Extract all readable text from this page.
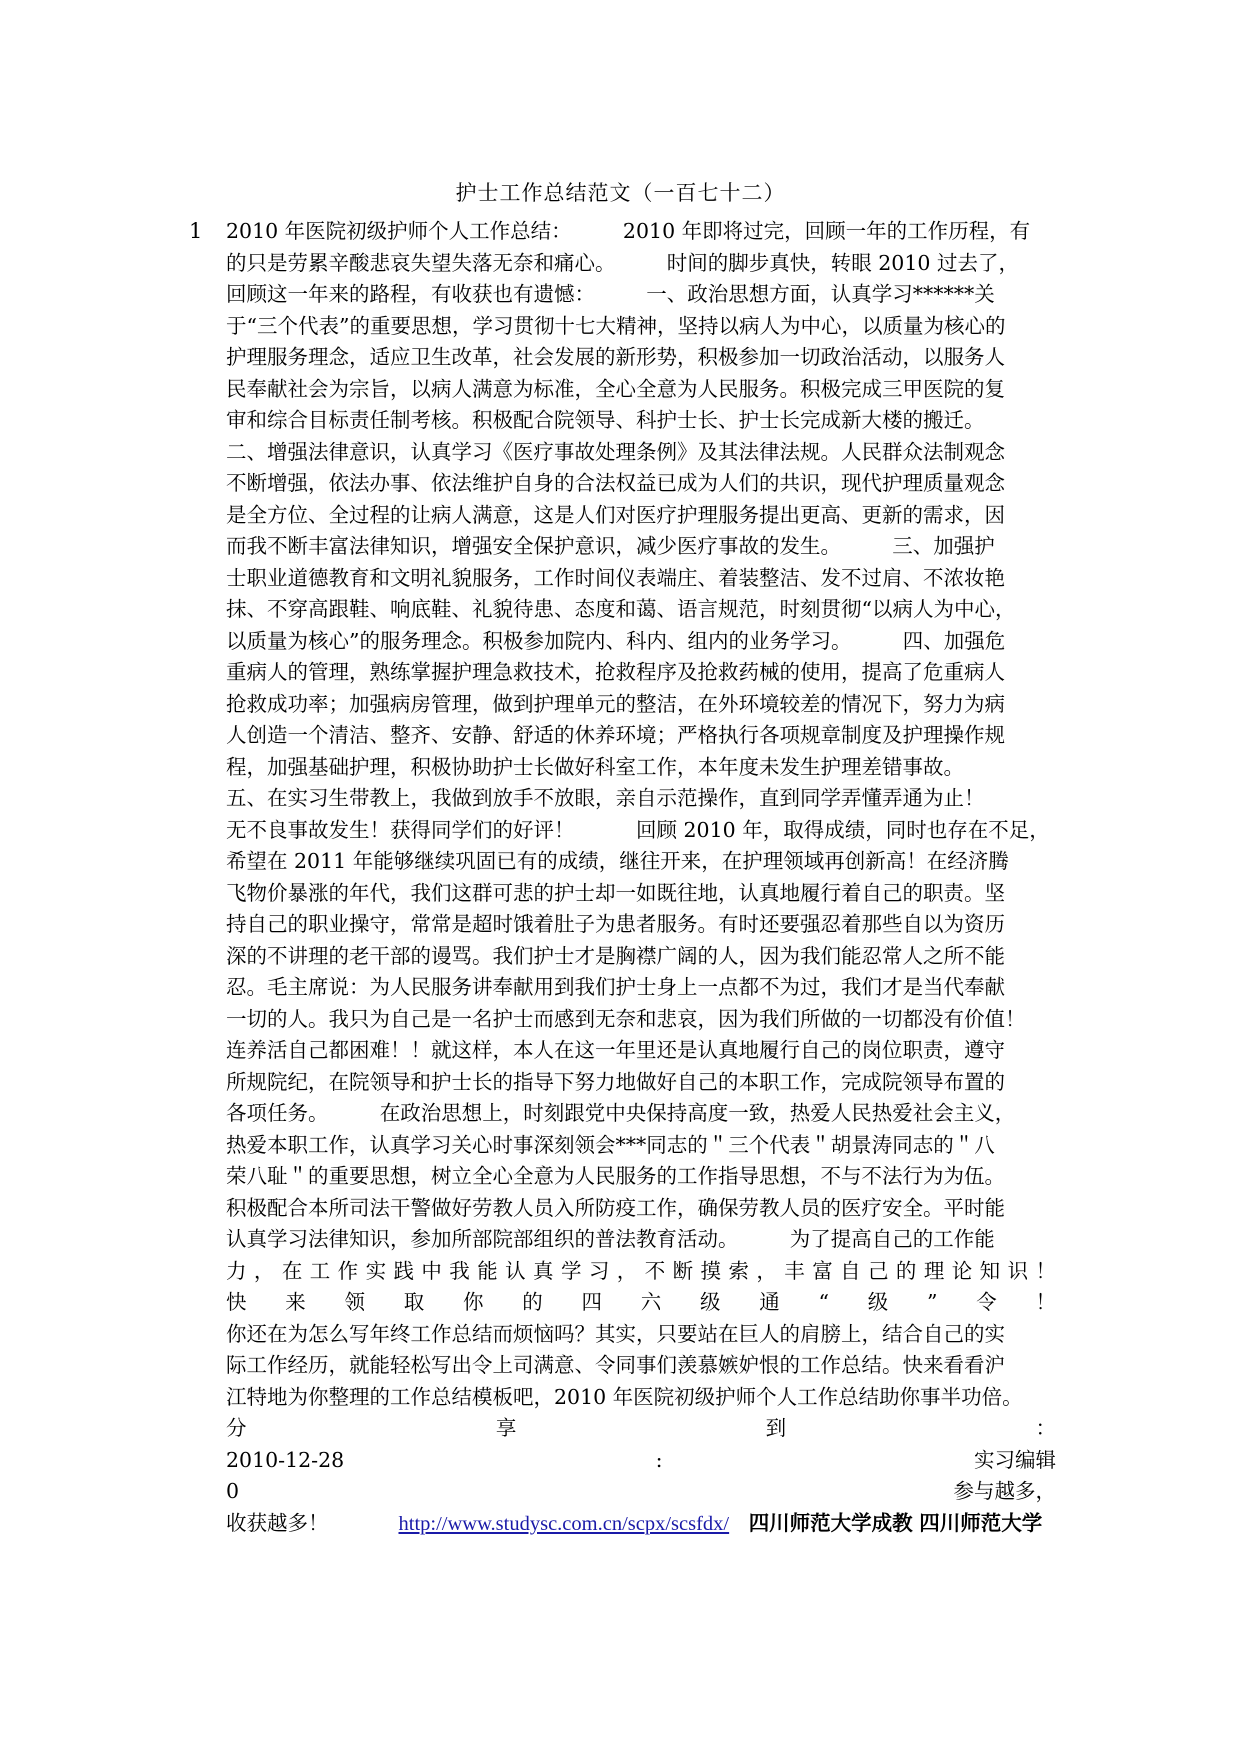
护士工作总结范文（一百七十二）
1 2010 年医院初级护师个人工作总结：　　　2010 年即将过完，回顾一年的工作历程，有
的只是劳累辛酸悲哀失望失落无奈和痛心。　　　时间的脚步真快，转眼 2010 过去了，
回顾这一年来的路程，有收获也有遗憾：　　　一、政治思想方面，认真学习******关
于“三个代表”的重要思想，学习贯彻十七大精神，坚持以病人为中心，以质量为核心的
护理服务理念，适应卫生改革，社会发展的新形势，积极参加一切政治活动，以服务人
民奉献社会为宗旨，以病人满意为标准，全心全意为人民服务。积极完成三甲医院的复
审和综合目标责任制考核。积极配合院领导、科护士长、护士长完成新大楼的搬迁。
二、增强法律意识，认真学习《医疗事故处理条例》及其法律法规。人民群众法制观念
不断增强，依法办事、依法维护自身的合法权益已成为人们的共识，现代护理质量观念
是全方位、全过程的让病人满意，这是人们对医疗护理服务提出更高、更新的需求，因
而我不断丰富法律知识，增强安全保护意识，减少医疗事故的发生。　　　三、加强护
士职业道德教育和文明礼貌服务，工作时间仪表端庄、着装整洁、发不过肩、不浓妆艳
抹、不穿高跟鞋、响底鞋、礼貌待患、态度和蔼、语言规范，时刻贯彻“以病人为中心，
以质量为核心”的服务理念。积极参加院内、科内、组内的业务学习。　　　四、加强危
重病人的管理，熟练掌握护理急救技术，抢救程序及抢救药械的使用，提高了危重病人
抢救成功率；加强病房管理，做到护理单元的整洁，在外环境较差的情况下，努力为病
人创造一个清洁、整齐、安静、舒适的休养环境；严格执行各项规章制度及护理操作规
程，加强基础护理，积极协助护士长做好科室工作，本年度未发生护理差错事故。
五、在实习生带教上，我做到放手不放眼，亲自示范操作，直到同学弄懂弄通为止！
无不良事故发生！获得同学们的好评！　　　回顾 2010 年，取得成绩，同时也存在不足，
希望在 2011 年能够继续巩固已有的成绩，继往开来，在护理领域再创新高！在经济腾
飞物价暴涨的年代，我们这群可悲的护士却一如既往地，认真地履行着自己的职责。坚
持自己的职业操守，常常是超时饿着肚子为患者服务。有时还要强忍着那些自以为资历
深的不讲理的老干部的谩骂。我们护士才是胸襟广阔的人，因为我们能忍常人之所不能
忍。毛主席说：为人民服务讲奉献用到我们护士身上一点都不为过，我们才是当代奉献
一切的人。我只为自己是一名护士而感到无奈和悲哀，因为我们所做的一切都没有价值！
连养活自己都困难！！就这样，本人在这一年里还是认真地履行自己的岗位职责，遵守
所规院纪，在院领导和护士长的指导下努力地做好自己的本职工作，完成院领导布置的
各项任务。　　　在政治思想上，时刻跟党中央保持高度一致，热爱人民热爱社会主义，
热爱本职工作，认真学习关心时事深刻领会***同志的＂三个代表＂胡景涛同志的＂八
荣八耻＂的重要思想，树立全心全意为人民服务的工作指导思想，不与不法行为为伍。
积极配合本所司法干警做好劳教人员入所防疫工作，确保劳教人员的医疗安全。平时能
认真学习法律知识，参加所部院部组织的普法教育活动。　　　为了提高自己的工作能
力，在工作实践中我能认真学习，不断摸索，丰富自己的理论知识！
快来领取你的四六级通“级”令！
你还在为怎么写年终工作总结而烦恼吗？其实，只要站在巨人的肩膀上，结合自己的实
际工作经历，就能轻松写出令上司满意、令同事们羡慕嫉妒恨的工作总结。快来看看沪
江特地为你整理的工作总结模板吧，2010 年医院初级护师个人工作总结助你事半功倍。
分	享	到	：
2010-12-28	:	实习编辑
0	参与越多，
收获越多！	http://www.studysc.com.cn/scpx/scsfdx/ 四川师范大学成教 四川师范大学
